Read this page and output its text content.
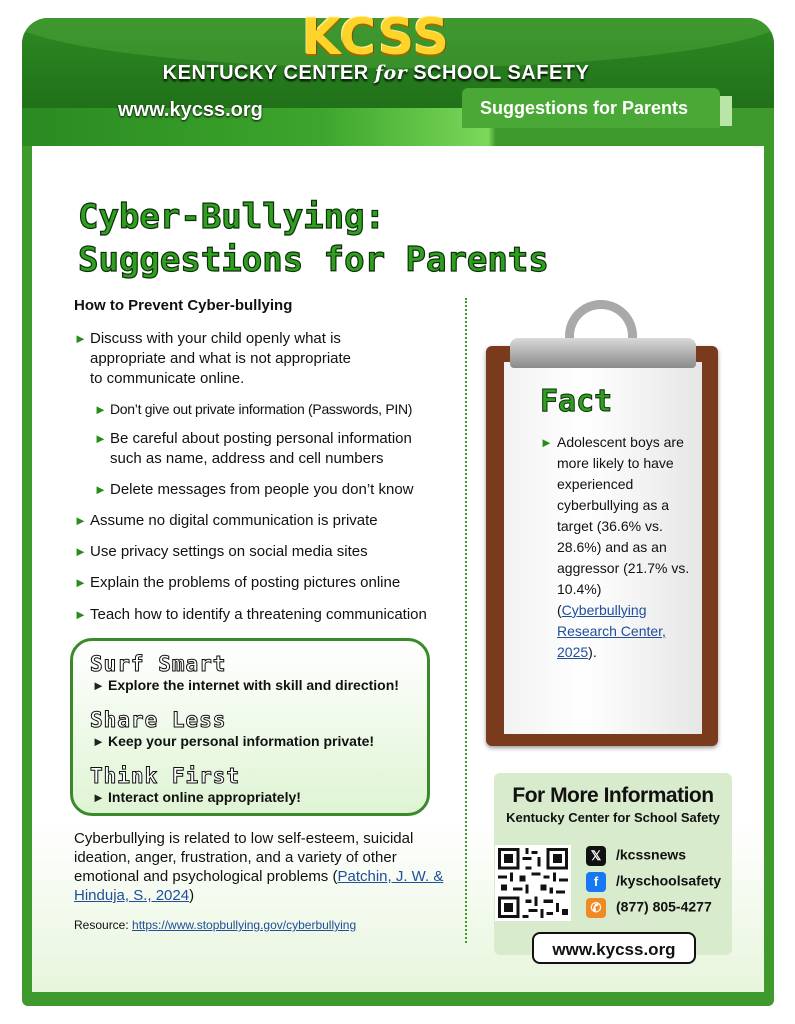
KCSS
KENTUCKY CENTER for SCHOOL SAFETY
www.kycss.org	Suggestions for Parents
Cyber-Bullying:
Suggestions for Parents
How to Prevent Cyber-bullying
► Discuss with your child openly what is appropriate and what is not appropriate to communicate online.
► Don’t give out private information (Passwords, PIN)
► Be careful about posting personal information such as name, address and cell numbers
► Delete messages from people you don’t know
► Assume no digital communication is private
► Use privacy settings on social media sites
► Explain the problems of posting pictures online
► Teach how to identify a threatening communication
Surf Smart
► Explore the internet with skill and direction!
Share Less
► Keep your personal information private!
Think First
► Interact online appropriately!
Cyberbullying is related to low self-esteem, suicidal ideation, anger, frustration, and a variety of other emotional and psychological problems (Patchin, J. W. & Hinduja, S., 2024)
Resource: https://www.stopbullying.gov/cyberbullying
Fact
► Adolescent boys are more likely to have experienced cyberbullying as a target (36.6% vs. 28.6%) and as an aggressor (21.7% vs. 10.4%) (Cyberbullying Research Center, 2025).
For More Information
Kentucky Center for School Safety
𝕏 /kcssnews
f /kyschoolsafety
✆ (877) 805-4277
www.kycss.org
